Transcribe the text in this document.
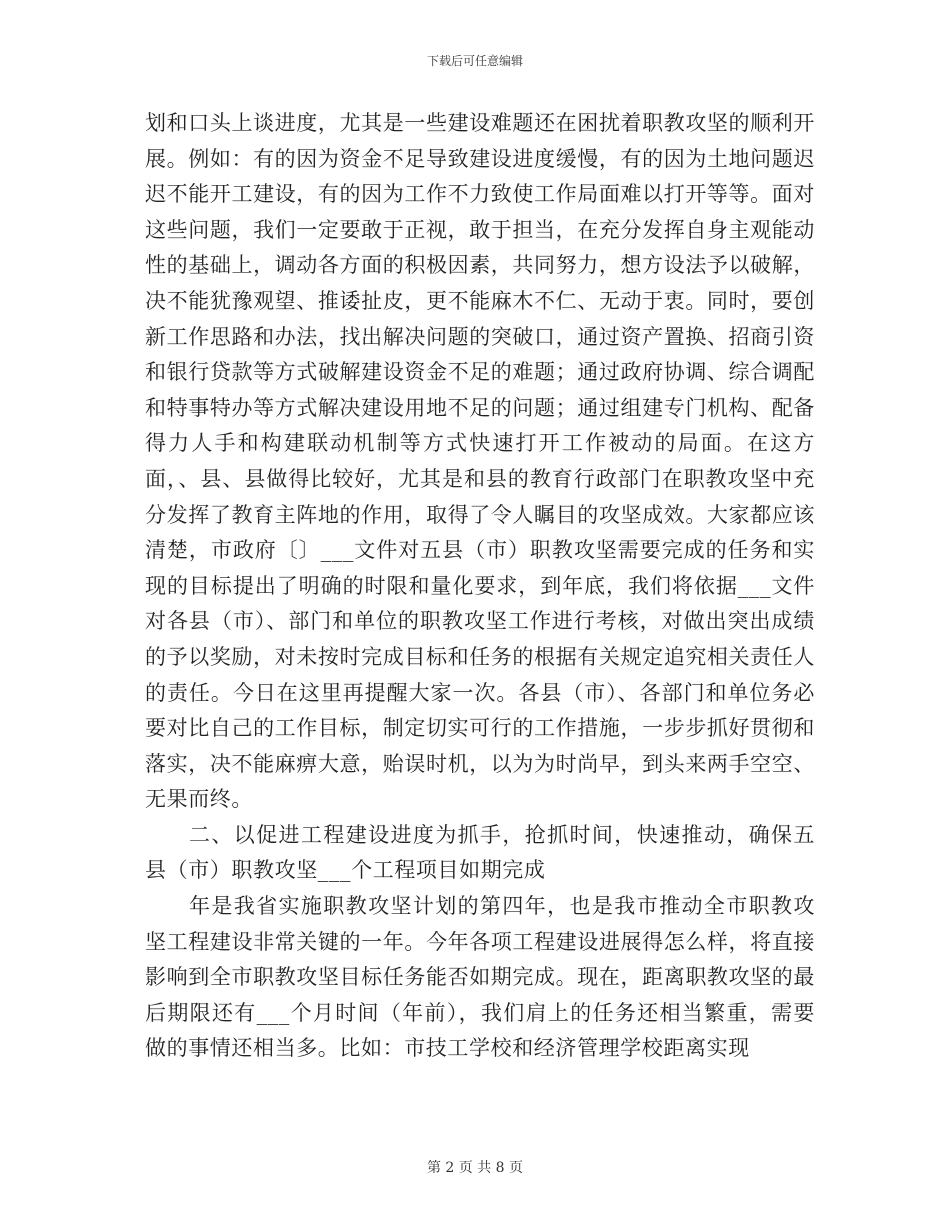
下载后可任意编辑

划和口头上谈进度，尤其是一些建设难题还在困扰着职教攻坚的顺利开展。例如：有的因为资金不足导致建设进度缓慢，有的因为土地问题迟迟不能开工建设，有的因为工作不力致使工作局面难以打开等等。面对这些问题，我们一定要敢于正视，敢于担当，在充分发挥自身主观能动性的基础上，调动各方面的积极因素，共同努力，想方设法予以破解，决不能犹豫观望、推诿扯皮，更不能麻木不仁、无动于衷。同时，要创新工作思路和办法，找出解决问题的突破口，通过资产置换、招商引资和银行贷款等方式破解建设资金不足的难题；通过政府协调、综合调配和特事特办等方式解决建设用地不足的问题；通过组建专门机构、配备得力人手和构建联动机制等方式快速打开工作被动的局面。在这方面，、县、县做得比较好，尤其是和县的教育行政部门在职教攻坚中充分发挥了教育主阵地的作用，取得了令人瞩目的攻坚成效。大家都应该清楚，市政府〔〕___文件对五县（市）职教攻坚需要完成的任务和实现的目标提出了明确的时限和量化要求，到年底，我们将依据___文件对各县（市）、部门和单位的职教攻坚工作进行考核，对做出突出成绩的予以奖励，对未按时完成目标和任务的根据有关规定追究相关责任人的责任。今日在这里再提醒大家一次。各县（市）、各部门和单位务必要对比自己的工作目标，制定切实可行的工作措施，一步步抓好贯彻和落实，决不能麻痹大意，贻误时机，以为为时尚早，到头来两手空空、无果而终。

二、以促进工程建设进度为抓手，抢抓时间，快速推动，确保五县（市）职教攻坚___个工程项目如期完成

年是我省实施职教攻坚计划的第四年，也是我市推动全市职教攻坚工程建设非常关键的一年。今年各项工程建设进展得怎么样，将直接影响到全市职教攻坚目标任务能否如期完成。现在，距离职教攻坚的最后期限还有___个月时间（年前），我们肩上的任务还相当繁重，需要做的事情还相当多。比如：市技工学校和经济管理学校距离实现

第 2 页 共 8 页
